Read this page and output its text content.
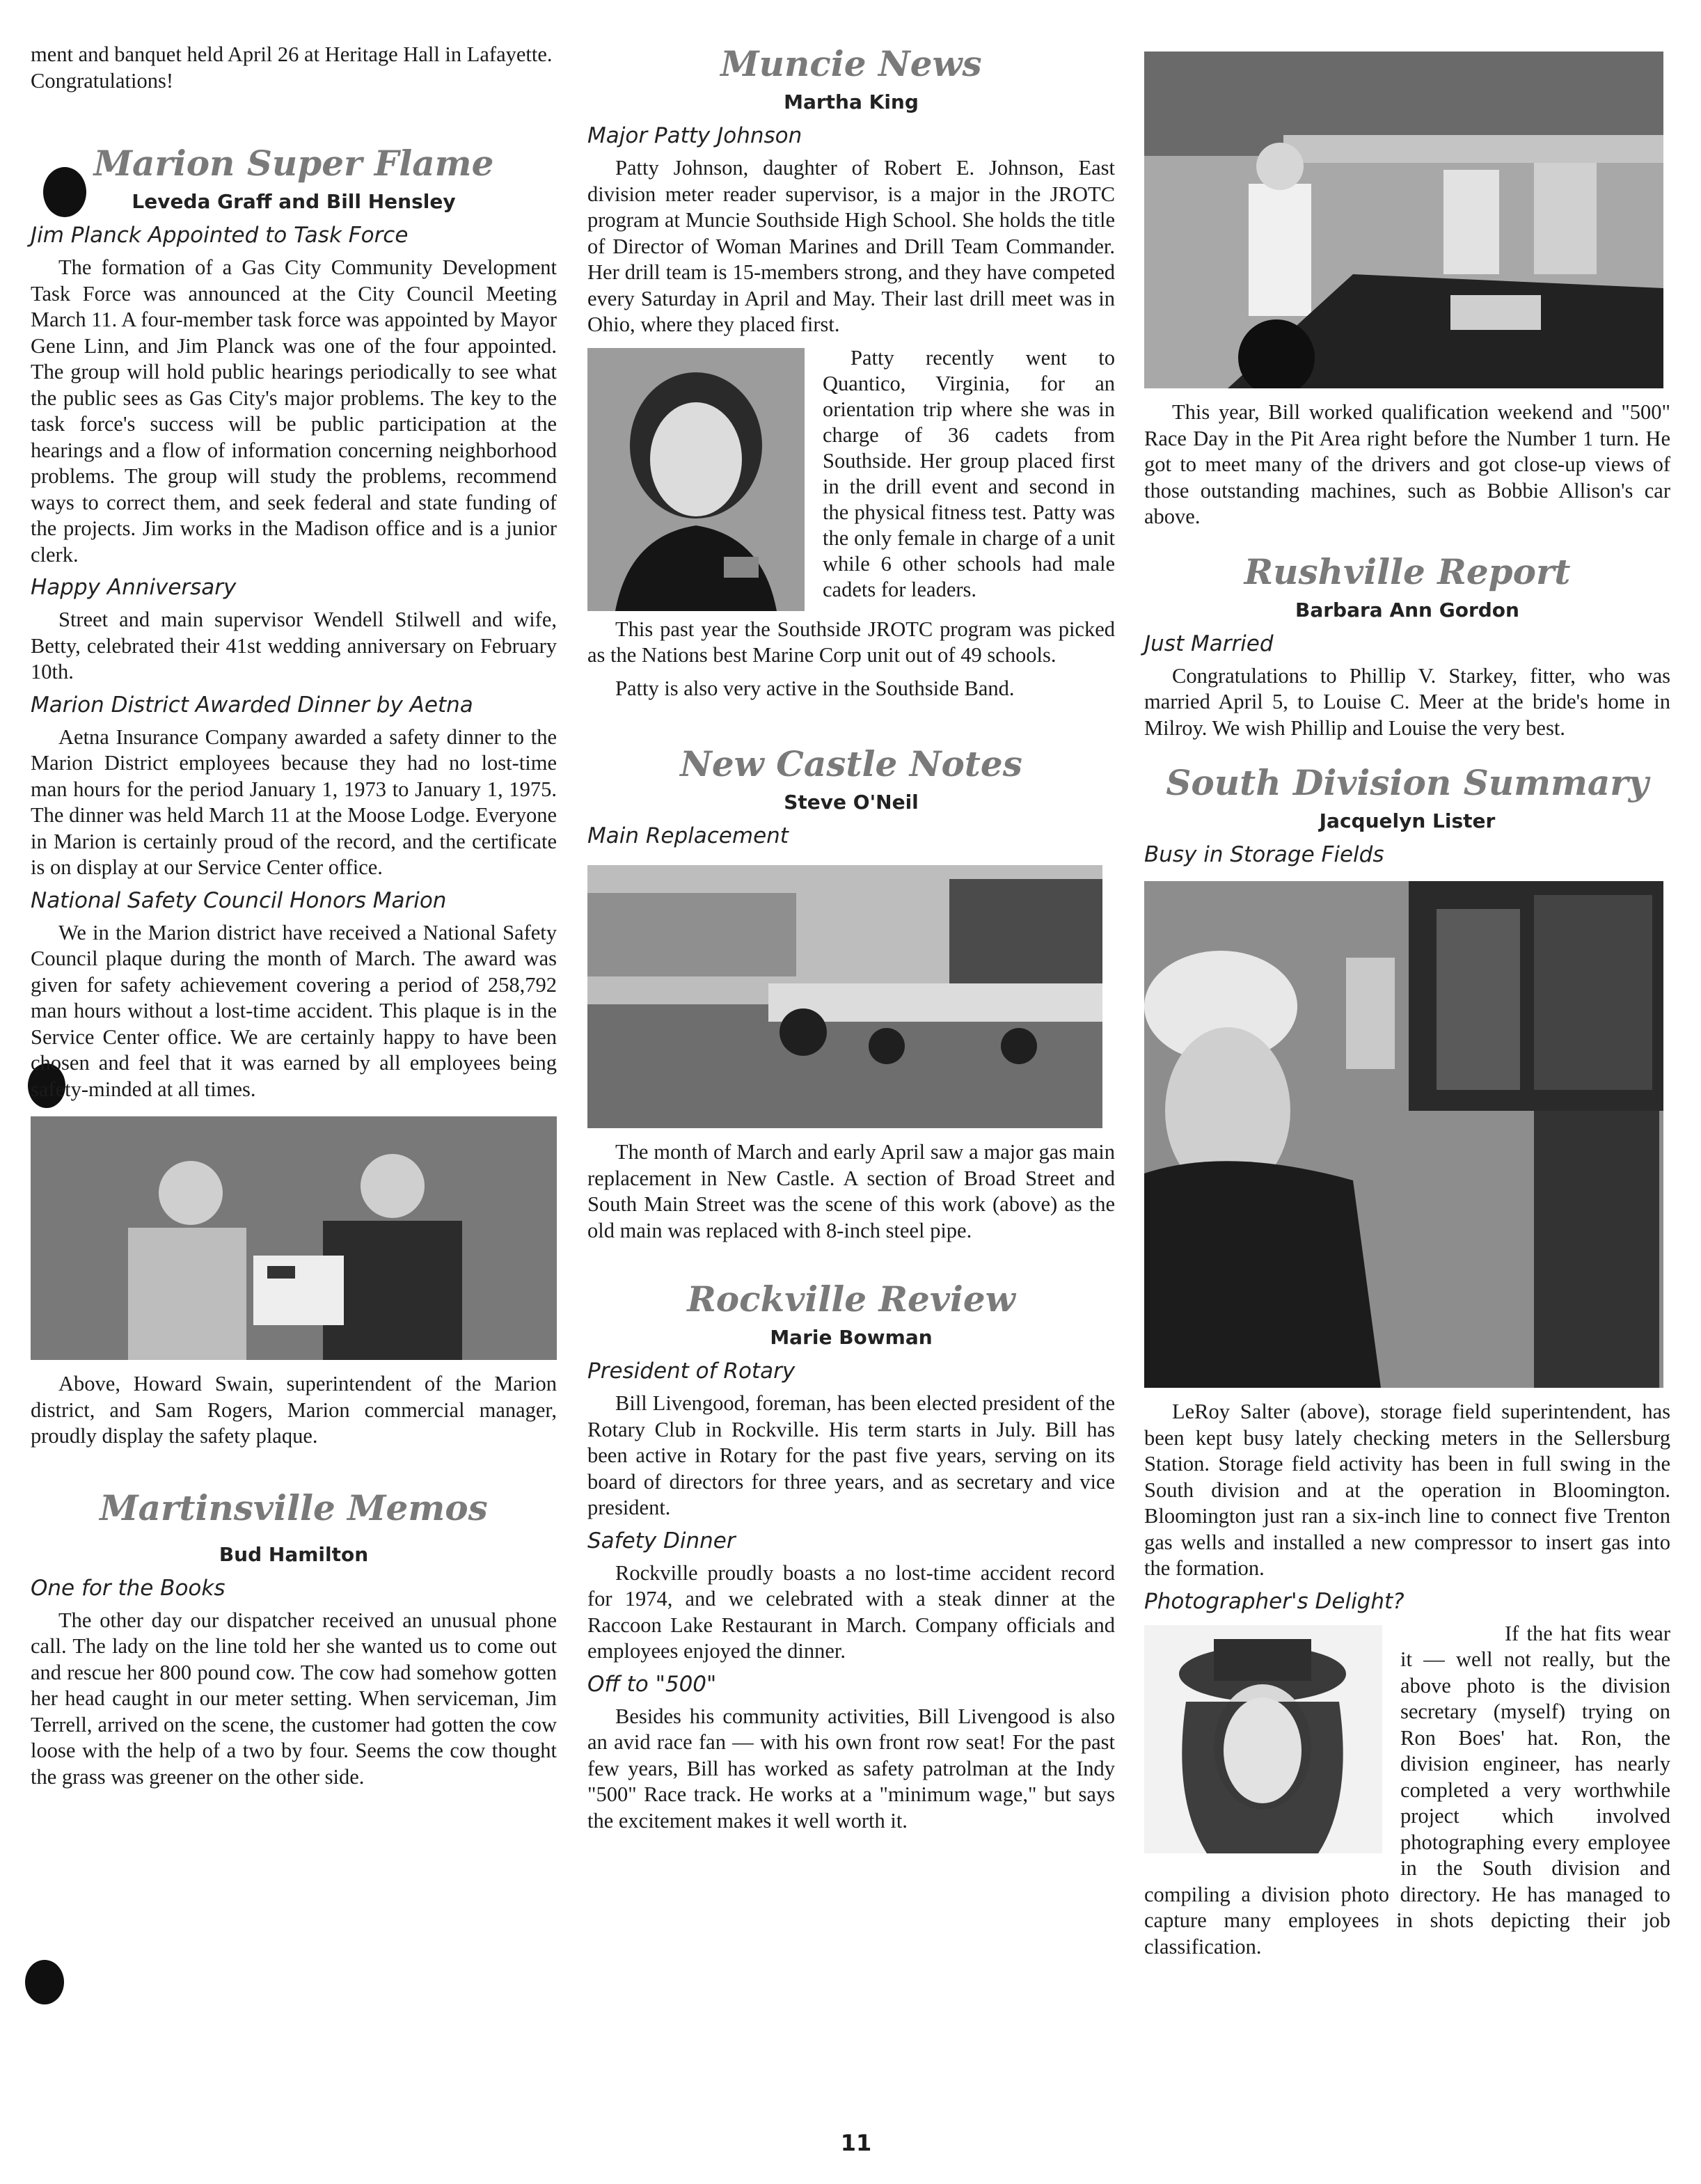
ment and banquet held April 26 at Heritage Hall in Lafayette. Congratulations!

Marion Super Flame
Leveda Graff and Bill Hensley
Jim Planck Appointed to Task Force

The formation of a Gas City Community Development Task Force was announced at the City Council Meeting March 11. A four-member task force was appointed by Mayor Gene Linn, and Jim Planck was one of the four appointed. The group will hold public hearings periodically to see what the public sees as Gas City's major problems. The key to the task force's success will be public participation at the hearings and a flow of information concerning neighborhood problems. The group will study the problems, recommend ways to correct them, and seek federal and state funding of the projects. Jim works in the Madison office and is a junior clerk.

Happy Anniversary

Street and main supervisor Wendell Stilwell and wife, Betty, celebrated their 41st wedding anniversary on February 10th.

Marion District Awarded Dinner by Aetna

Aetna Insurance Company awarded a safety dinner to the Marion District employees because they had no lost-time man hours for the period January 1, 1973 to January 1, 1975. The dinner was held March 11 at the Moose Lodge. Everyone in Marion is certainly proud of the record, and the certificate is on display at our Service Center office.

National Safety Council Honors Marion

We in the Marion district have received a National Safety Council plaque during the month of March. The award was given for safety achievement covering a period of 258,792 man hours without a lost-time accident. This plaque is in the Service Center office. We are certainly happy to have been chosen and feel that it was earned by all employees being safety-minded at all times.

Above, Howard Swain, superintendent of the Marion district, and Sam Rogers, Marion commercial manager, proudly display the safety plaque.

Martinsville Memos
Bud Hamilton
One for the Books

The other day our dispatcher received an unusual phone call. The lady on the line told her she wanted us to come out and rescue her 800 pound cow. The cow had somehow gotten her head caught in our meter setting. When serviceman, Jim Terrell, arrived on the scene, the customer had gotten the cow loose with the help of a two by four. Seems the cow thought the grass was greener on the other side.

Muncie News
Martha King
Major Patty Johnson

Patty Johnson, daughter of Robert E. Johnson, East division meter reader supervisor, is a major in the JROTC program at Muncie Southside High School. She holds the title of Director of Woman Marines and Drill Team Commander. Her drill team is 15-members strong, and they have competed every Saturday in April and May. Their last drill meet was in Ohio, where they placed first.

Patty recently went to Quantico, Virginia, for an orientation trip where she was in charge of 36 cadets from Southside. Her group placed first in the drill event and second in the physical fitness test. Patty was the only female in charge of a unit while 6 other schools had male cadets for leaders.

This past year the Southside JROTC program was picked as the Nations best Marine Corp unit out of 49 schools.

Patty is also very active in the Southside Band.

New Castle Notes
Steve O'Neil
Main Replacement

The month of March and early April saw a major gas main replacement in New Castle. A section of Broad Street and South Main Street was the scene of this work (above) as the old main was replaced with 8-inch steel pipe.

Rockville Review
Marie Bowman
President of Rotary

Bill Livengood, foreman, has been elected president of the Rotary Club in Rockville. His term starts in July. Bill has been active in Rotary for the past five years, serving on its board of directors for three years, and as secretary and vice president.

Safety Dinner

Rockville proudly boasts a no lost-time accident record for 1974, and we celebrated with a steak dinner at the Raccoon Lake Restaurant in March. Company officials and employees enjoyed the dinner.

Off to "500"

Besides his community activities, Bill Livengood is also an avid race fan — with his own front row seat! For the past few years, Bill has worked as safety patrolman at the Indy "500" Race track. He works at a "minimum wage," but says the excitement makes it well worth it.

This year, Bill worked qualification weekend and "500" Race Day in the Pit Area right before the Number 1 turn. He got to meet many of the drivers and got close-up views of those outstanding machines, such as Bobbie Allison's car above.

Rushville Report
Barbara Ann Gordon
Just Married

Congratulations to Phillip V. Starkey, fitter, who was married April 5, to Louise C. Meer at the bride's home in Milroy. We wish Phillip and Louise the very best.

South Division Summary
Jacquelyn Lister
Busy in Storage Fields

LeRoy Salter (above), storage field superintendent, has been kept busy lately checking meters in the Sellersburg Station. Storage field activity has been in full swing in the South division and at the operation in Bloomington. Bloomington just ran a six-inch line to connect five Trenton gas wells and installed a new compressor to insert gas into the formation.

Photographer's Delight?

If the hat fits wear it — well not really, but the above photo is the division secretary (myself) trying on Ron Boes' hat. Ron, the division engineer, has nearly completed a very worthwhile project which involved photographing every employee in the South division and compiling a division photo directory. He has managed to capture many employees in shots depicting their job classification.

11
